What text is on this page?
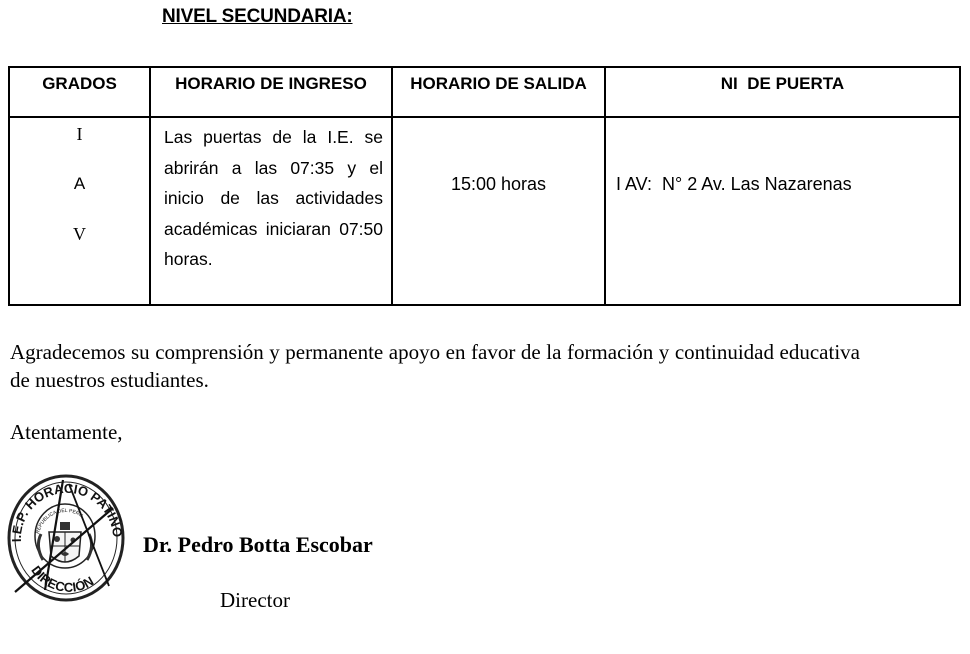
NIVEL SECUNDARIA:
GRADOS	HORARIO DE INGRESO	HORARIO DE SALIDA	NI  DE PUERTA

I
A
V	Las puertas de la I.E. se abrirán a las 07:35 y el inicio de las actividades académicas iniciaran 07:50 horas.	15:00 horas	I AV:  N° 2 Av. Las Nazarenas
Agradecemos su comprensión y permanente apoyo en favor de la formación y continuidad educativa de nuestros estudiantes.
Atentamente,
I.E.P. HORACIO PATIÑO
DIRECCIÓN
REPUBLICA DEL PERU
Dr. Pedro Botta Escobar
Director
